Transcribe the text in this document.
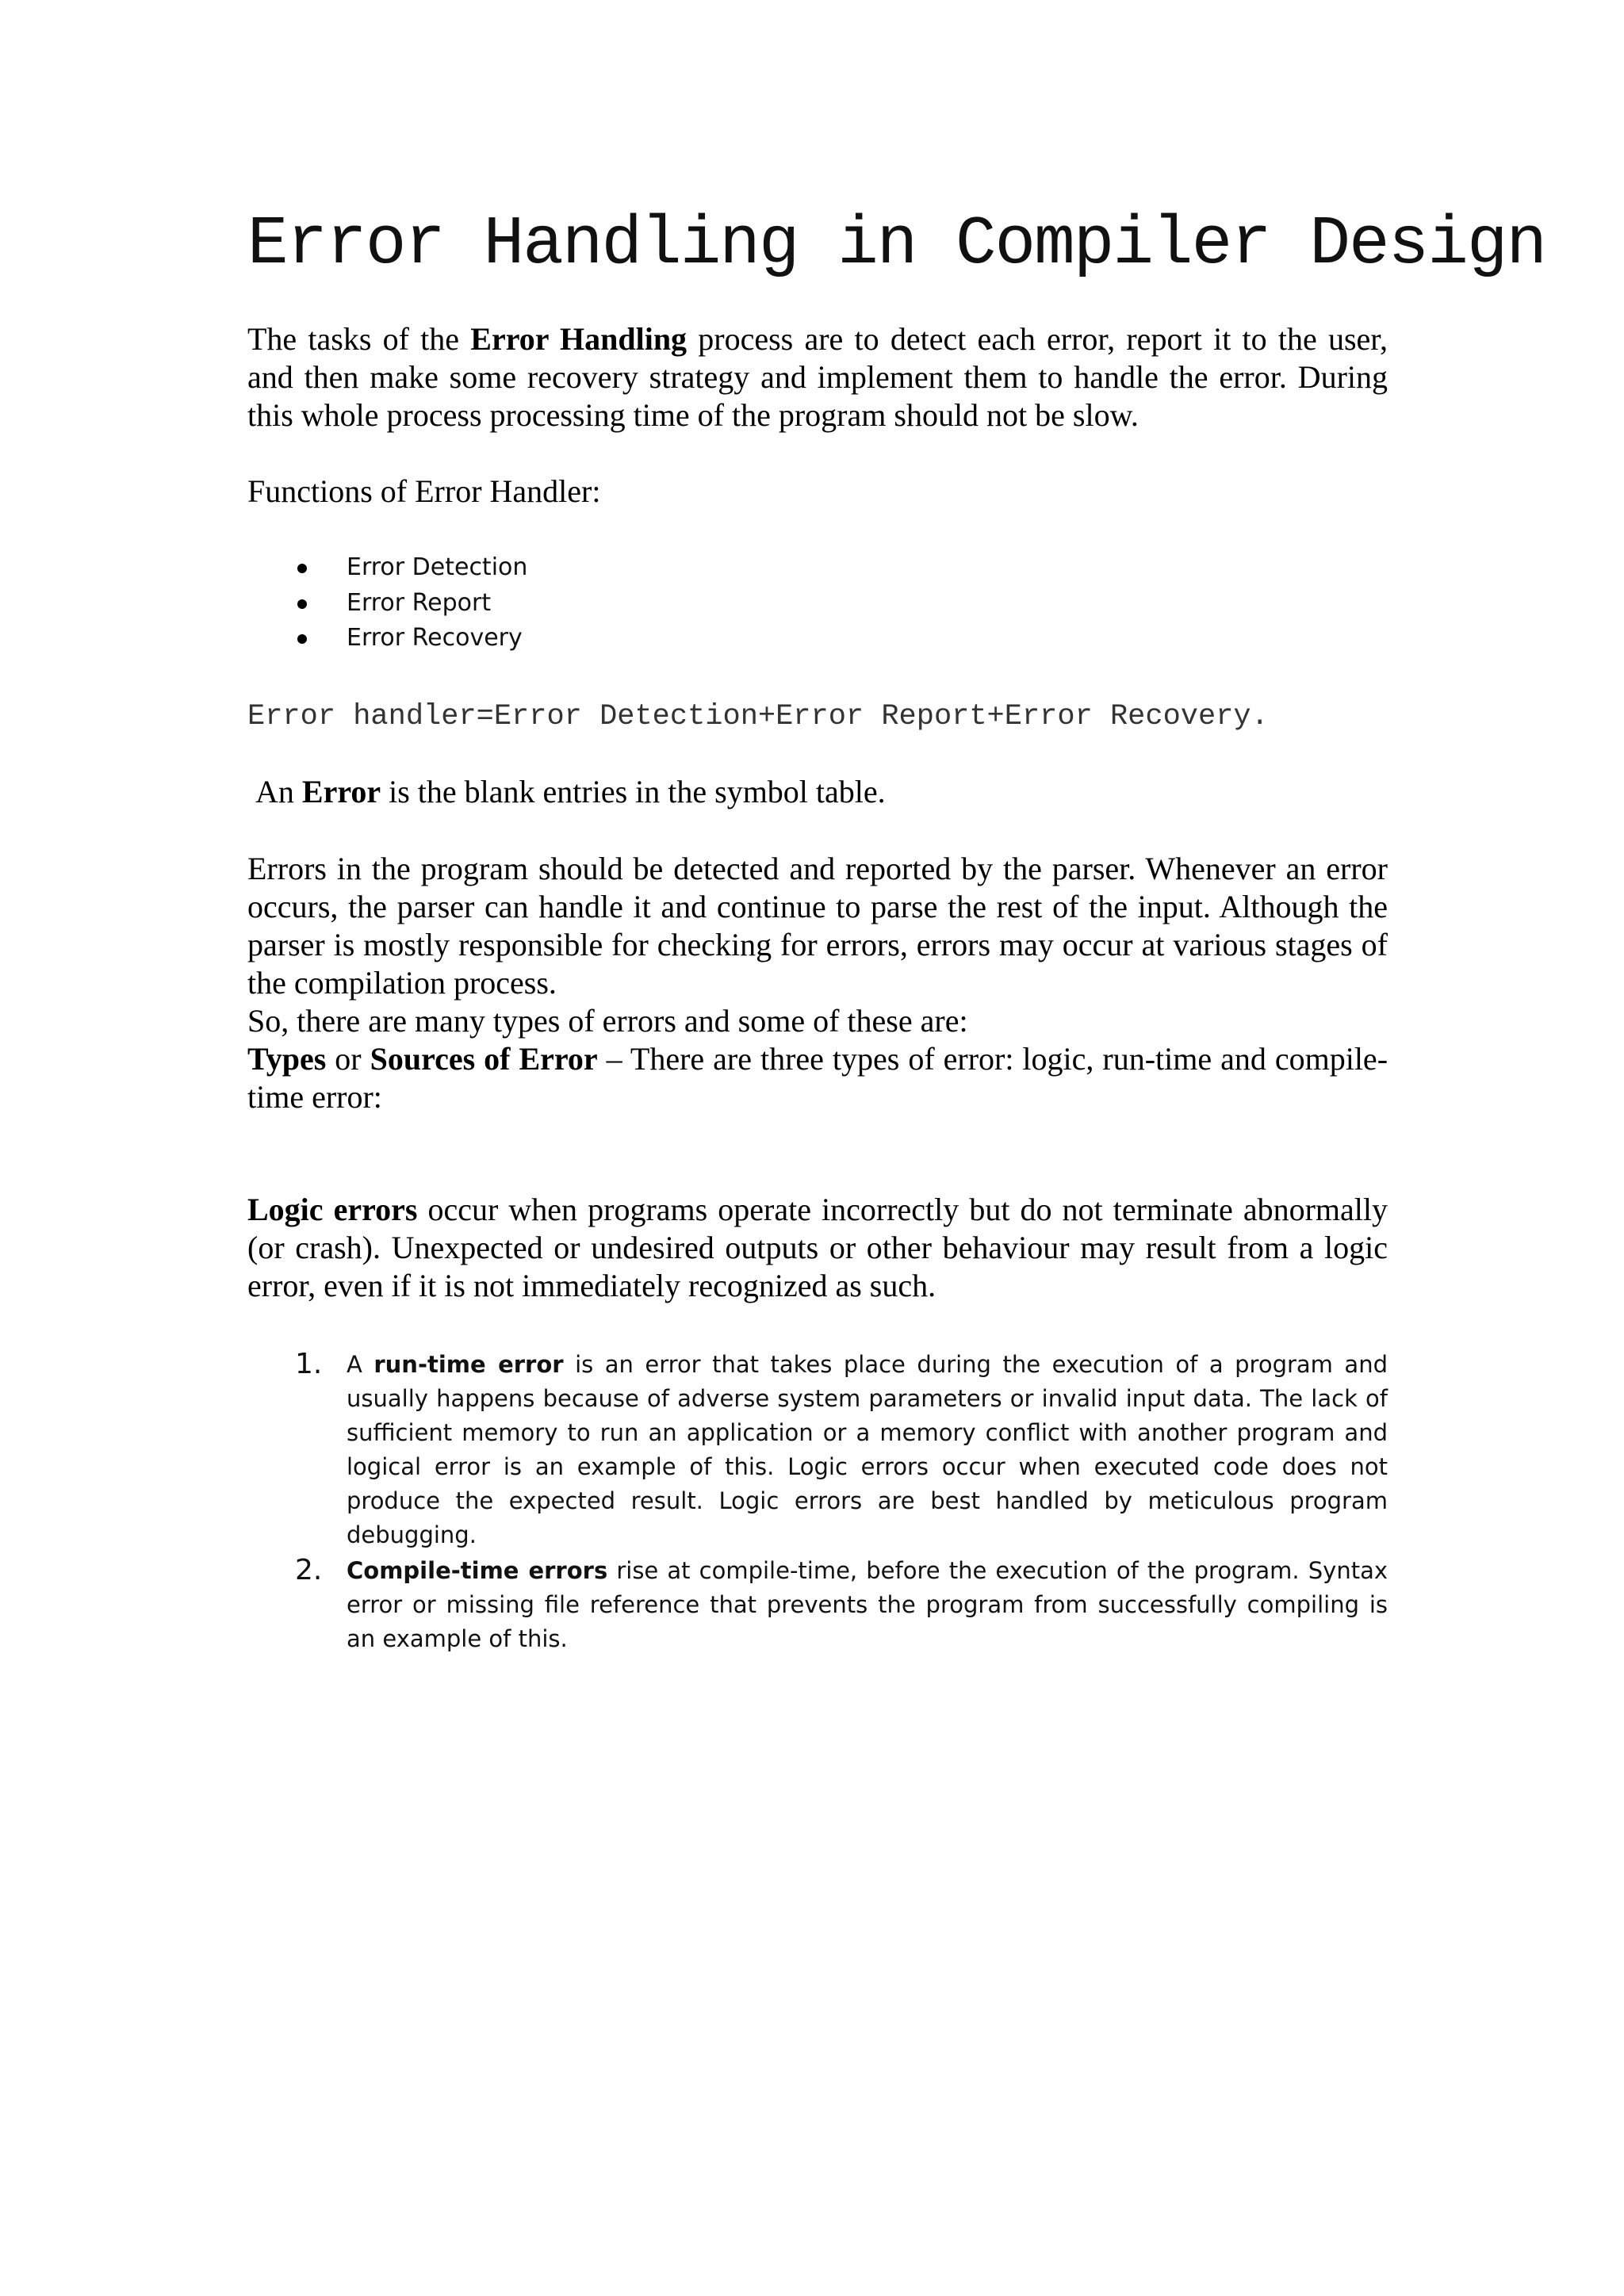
Error Handling in Compiler Design

The tasks of the Error Handling process are to detect each error, report it to the user, and then make some recovery strategy and implement them to handle the error. During this whole process processing time of the program should not be slow.

Functions of Error Handler:

Error Detection
Error Report
Error Recovery
Error handler=Error Detection+Error Report+Error Recovery.

An Error is the blank entries in the symbol table.

Errors in the program should be detected and reported by the parser. Whenever an error occurs, the parser can handle it and continue to parse the rest of the input. Although the parser is mostly responsible for checking for errors, errors may occur at various stages of the compilation process.

So, there are many types of errors and some of these are:

Types or Sources of Error – There are three types of error: logic, run-time and compile-time error:

Logic errors occur when programs operate incorrectly but do not terminate abnormally (or crash). Unexpected or undesired outputs or other behaviour may result from a logic error, even if it is not immediately recognized as such.

1. A run-time error is an error that takes place during the execution of a program and usually happens because of adverse system parameters or invalid input data. The lack of sufficient memory to run an application or a memory conflict with another program and logical error is an example of this. Logic errors occur when executed code does not produce the expected result. Logic errors are best handled by meticulous program debugging.
2. Compile-time errors rise at compile-time, before the execution of the program. Syntax error or missing file reference that prevents the program from successfully compiling is an example of this.
